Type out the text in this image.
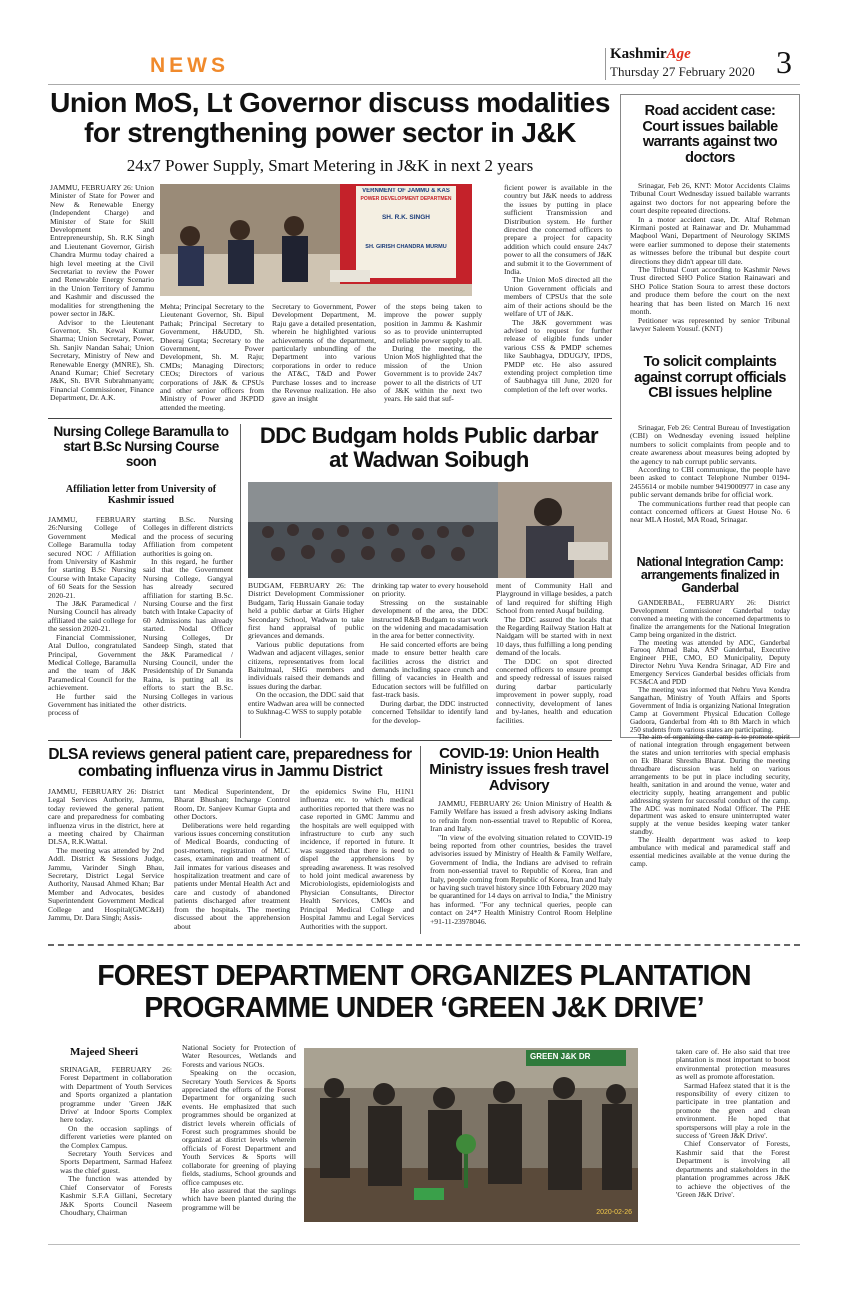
NEWS	KashmirAge
Thursday 27 February 2020 3
Union MoS, Lt Governor discuss modalities
for strengthening power sector in J&K
24x7 Power Supply, Smart Metering in J&K in next 2 years

JAMMU, FEBRUARY 26: Union Minister of State for Power and New & Renewable Energy (Independent Charge) and Minister of State for Skill Development and Entrepreneurship, Sh. R.K Singh and Lieutenant Governor, Girish Chandra Murmu today chaired a high level meeting at the Civil Secretariat to review the Power and Renewable Energy Scenario in the Union Territory of Jammu and Kashmir and discussed the modalities for strengthening the power sector in J&K.

Advisor to the Lieutenant Governor, Sh. Kewal Kumar Sharma; Union Secretary, Power, Sh. Sanjiv Nandan Sahai; Union Secretary, Ministry of New and Renewable Energy (MNRE), Sh. Anand Kumar; Chief Secretary J&K, Sh. BVR Subrahmanyam; Financial Commissioner, Finance Department, Dr. A.K.

VERNMENT OF JAMMU & KAS
POWER DEVELOPMENT DEPARTMEN
SH. R.K. SINGH
SH. GIRISH CHANDRA MURMU

Mehta; Principal Secretary to the Lieutenant Governor, Sh. Bipul Pathak; Principal Secretary to Government, H&UDD, Sh. Dheeraj Gupta; Secretary to the Government, Power Development, Sh. M. Raju; CMDs; Managing Directors; CEOs; Directors of various corporations of J&K & CPSUs and other senior officers from Ministry of Power and JKPDD attended the meeting.

Secretary to Government, Power Development Department, M. Raju gave a detailed presentation, wherein he highlighted various achievements of the department, particularly unbundling of the Department into various corporations in order to reduce the AT&C, T&D and Power Purchase losses and to increase the Revenue realization. He also gave an insight

of the steps being taken to improve the power supply position in Jammu & Kashmir so as to provide uninterrupted and reliable power supply to all.

During the meeting, the Union MoS highlighted that the mission of the Union Government is to provide 24x7 power to all the districts of UT of J&K within the next two years. He said that suf-

ficient power is available in the country but J&K needs to address the issues by putting in place sufficient Transmission and Distribution system. He further directed the concerned officers to prepare a project for capacity addition which could ensure 24x7 power to all the consumers of J&K and submit it to the Government of India.

The Union MoS directed all the Union Government officials and members of CPSUs that the sole aim of their actions should be the welfare of UT of J&K.

The J&K government was advised to request for further release of eligible funds under various CSS & PMDP schemes like Saubhagya, DDUGJY, IPDS, PMDP etc. He also assured extending project completion time of Saubhagya till June, 2020 for completion of the left over works.

Road accident case: Court issues bailable warrants against two doctors

Srinagar, Feb 26, KNT: Motor Accidents Claims Tribunal Court Wednesday issued bailable warrants against two doctors for not appearing before the court despite repeated directions.

In a motor accident case, Dr. Altaf Rehman Kirmani posted at Rainawar and Dr. Muhammad Maqbool Wani, Department of Neurology SKIMS were earlier summoned to depose their statements as witnesses before the tribunal but despite court directions they didn't appear till date.

The Tribunal Court according to Kashmir News Trust directed SHO Police Station Rainawari and SHO Police Station Soura to arrest these doctors and produce them before the court on the next hearing that has been listed on March 16 next month.

Petitioner was represented by senior Tribunal lawyer Saleem Yousuf. (KNT)

To solicit complaints against corrupt officials CBI issues helpline

Srinagar, Feb 26: Central Bureau of Investigation (CBI) on Wednesday evening issued helpline numbers to solicit complaints from people and to create awareness about measures being adopted by the agency to nab corrupt public servants.

According to CBI communique, the people have been asked to contact Telephone Number 0194-2455614 or mobile number 9419000977 in case any public servant demands bribe for official work.

The communications further read that people can contact concerned officers at Guest House No. 6 near MLA Hostel, MA Road, Srinagar.

National Integration Camp: arrangements finalized in Ganderbal

GANDERBAL, FEBRUARY 26: District Development Commissioner Ganderbal today convened a meeting with the concerned departments to finalize the arrangements for the National Integration Camp being organized in the district.

The meeting was attended by ADC, Ganderbal Farooq Ahmad Baba, ASP Ganderbal, Executive Engineer PHE, CMO, EO Municipality, Deputy Director Nehru Yuva Kendra Srinagar, AD Fire and Emergency Services Ganderbal besides officials from FCS&CA and PDD

The meeting was informed that Nehru Yuva Kendra Sangathan, Ministry of Youth Affairs and Sports Government of India is organizing National Integration Camp at Government Physical Education College Gadoora, Ganderbal from 4th to 8th March in which 250 students from various states are participating.

The aim of organizing the camp is to promote spirit of national integration through engagement between the states and union territories with special emphasis on Ek Bharat Shrestha Bharat. During the meeting threadbare discussion was held on various arrangements to be put in place including security, health, sanitation in and around the venue, water and electricity supply, heating arrangement and public addressing system for successful conduct of the camp. The ADC was nominated Nodal Officer. The PHE department was asked to ensure uninterrupted water supply at the venue besides keeping water tanker standby.

The Health department was asked to keep ambulance with medical and paramedical staff and essential medicines available at the venue during the camp.

Nursing College Baramulla to start B.Sc Nursing Course soon
Affiliation letter from University of Kashmir issued

JAMMU, FEBRUARY 26:Nursing College of Government Medical College Baramulla today secured NOC / Affiliation from University of Kashmir for starting B.Sc Nursing Course with Intake Capacity of 60 Seats for the Session 2020-21.

The J&K Paramedical / Nursing Council has already affiliated the said college for the session 2020-21.

Financial Commissioner, Atal Dulloo, congratulated Principal, Government Medical College, Baramulla and the team of J&K Paramedical Council for the achievement.

He further said the Government has initiated the process of

starting B.Sc. Nursing Colleges in different districts and the process of securing Affiliation from competent authorities is going on.

In this regard, he further said that the Government Nursing College, Gangyal has already secured affiliation for starting B.Sc. Nursing Course and the first batch with Intake Capacity of 60 Admissions has already started. Nodal Officer Nursing Colleges, Dr Sandeep Singh, stated that the J&K Paramedical / Nursing Council, under the Presidentship of Dr Sunanda Raina, is putting all its efforts to start the B.Sc. Nursing Colleges in various other districts.

DDC Budgam holds Public darbar
at Wadwan Soibugh

BUDGAM, FEBRUARY 26: The District Development Commissioner Budgam, Tariq Hussain Ganaie today held a public darbar at Girls Higher Secondary School, Wadwan to take first hand appraisal of public grievances and demands.

Various public deputations from Wadwan and adjacent villages, senior citizens, representatives from local Baitulmaal, SHG members and individuals raised their demands and issues during the darbar.

On the occasion, the DDC said that entire Wadwan area will be connected to Sukhnag-C WSS to supply potable

drinking tap water to every household on priority.

Stressing on the sustainable development of the area, the DDC instructed R&B Budgam to start work on the widening and macadamisation in the area for better connectivity.

He said concerted efforts are being made to ensure better health care facilities across the district and demands including space crunch and filling of vacancies in Health and Education sectors will be fulfilled on fast-track basis.

During darbar, the DDC instructed concerned Tehsildar to identify land for the develop-

ment of Community Hall and Playground in village besides, a patch of land required for shifting High School from rented Auqaf building.

The DDC assured the locals that the Regarding Railway Station Halt at Naidgam will be started with in next 10 days, thus fulfilling a long pending demand of the locals.

The DDC on spot directed concerned officers to ensure prompt and speedy redressal of issues raised during darbar particularly improvement in power supply, road connectivity, development of lanes and by-lanes, health and education facilities.

DLSA reviews general patient care, preparedness for
combating influenza virus in Jammu District

JAMMU, FEBRUARY 26: District Legal Services Authority, Jammu, today reviewed the general patient care and preparedness for combating influenza virus in the district, here at a meeting chaired by Chairman DLSA, R.K.Wattal.

The meeting was attended by 2nd Addl. District & Sessions Judge, Jammu, Varinder Singh Bhau, Secretary, District Legal Service Authority, Nausad Ahmed Khan; Bar Member and Advocates, besides Superintendent Government Medical College and Hospital(GMC&H) Jammu, Dr. Dara Singh; Assis-

tant Medical Superintendent, Dr Bharat Bhushan; Incharge Control Room, Dr. Sanjeev Kumar Gupta and other Doctors.

Deliberations were held regarding various issues concerning constitution of Medical Boards, conducting of post-mortem, registration of MLC cases, examination and treatment of Jail inmates for various diseases and hospitalization treatment and care of patients under Mental Health Act and care and custody of abandoned patients discharged after treatment from the hospitals. The meeting discussed about the apprehension about

the epidemics Swine Flu, H1N1 influenza etc. to which medical authorities reported that there was no case reported in GMC Jammu and the hospitals are well equipped with infrastructure to curb any such incidence, if reported in future. It was suggested that there is need to dispel the apprehensions by spreading awareness. It was resolved to hold joint medical awareness by Microbiologists, epidemiologists and Physician Consultants, Director Health Services, CMOs and Principal Medical College and Hospital Jammu and Legal Services Authorities with the support.

COVID-19: Union Health Ministry issues fresh travel Advisory

JAMMU, FEBRUARY 26: Union Ministry of Health & Family Welfare has issued a fresh advisory asking Indians to refrain from non-essential travel to Republic of Korea, Iran and Italy.

"In view of the evolving situation related to COVID-19 being reported from other countries, besides the travel advisories issued by Ministry of Health & Family Welfare, Government of India, the Indians are advised to refrain from non-essential travel to Republic of Korea, Iran and Italy, people coming from Republic of Korea, Iran and Italy or having such travel history since 10th February 2020 may be quarantined for 14 days on arrival to India," the Ministry has informed. "For any technical queries, people can contact on 24*7 Health Ministry Control Room Helpline +91-11-23978046.

FOREST DEPARTMENT ORGANIZES PLANTATION
PROGRAMME UNDER ‘GREEN J&K DRIVE’
Majeed Sheeri

SRINAGAR, FEBRUARY 26: Forest Department in collaboration with Department of Youth Services and Sports organized a plantation programme under 'Green J&K Drive' at Indoor Sports Complex here today.

On the occasion saplings of different varieties were planted on the Complex Campus.

Secretary Youth Services and Sports Department, Sarmad Hafeez was the chief guest.

The function was attended by Chief Conservator of Forests Kashmir S.F.A Gillani, Secretary J&K Sports Council Naseem Choudhary, Chairman

National Society for Protection of Water Resources, Wetlands and Forests and various NGOs.

Speaking on the occasion, Secretary Youth Services & Sports appreciated the efforts of the Forest Department for organizing such events. He emphasized that such programmes should be organized at district levels wherein officials of Forest such programmes should be organized at district levels wherein officials of Forest Department and Youth Services & Sports will collaborate for greening of playing fields, stadiums, School grounds and office campuses etc.

He also assured that the saplings which have been planted during the programme will be

GREEN J&K DR
2020-02-26

taken care of. He also said that tree plantation is most important to boost environmental protection measures as well as promote afforestation.

Sarmad Hafeez stated that it is the responsibility of every citizen to participate in tree plantation and promote the green and clean environment. He hoped that sportspersons will play a role in the success of 'Green J&K Drive'.

Chief Conservator of Forests, Kashmir said that the Forest Department is involving all departments and stakeholders in the plantation programmes across J&K to achieve the objectives of the 'Green J&K Drive'.
